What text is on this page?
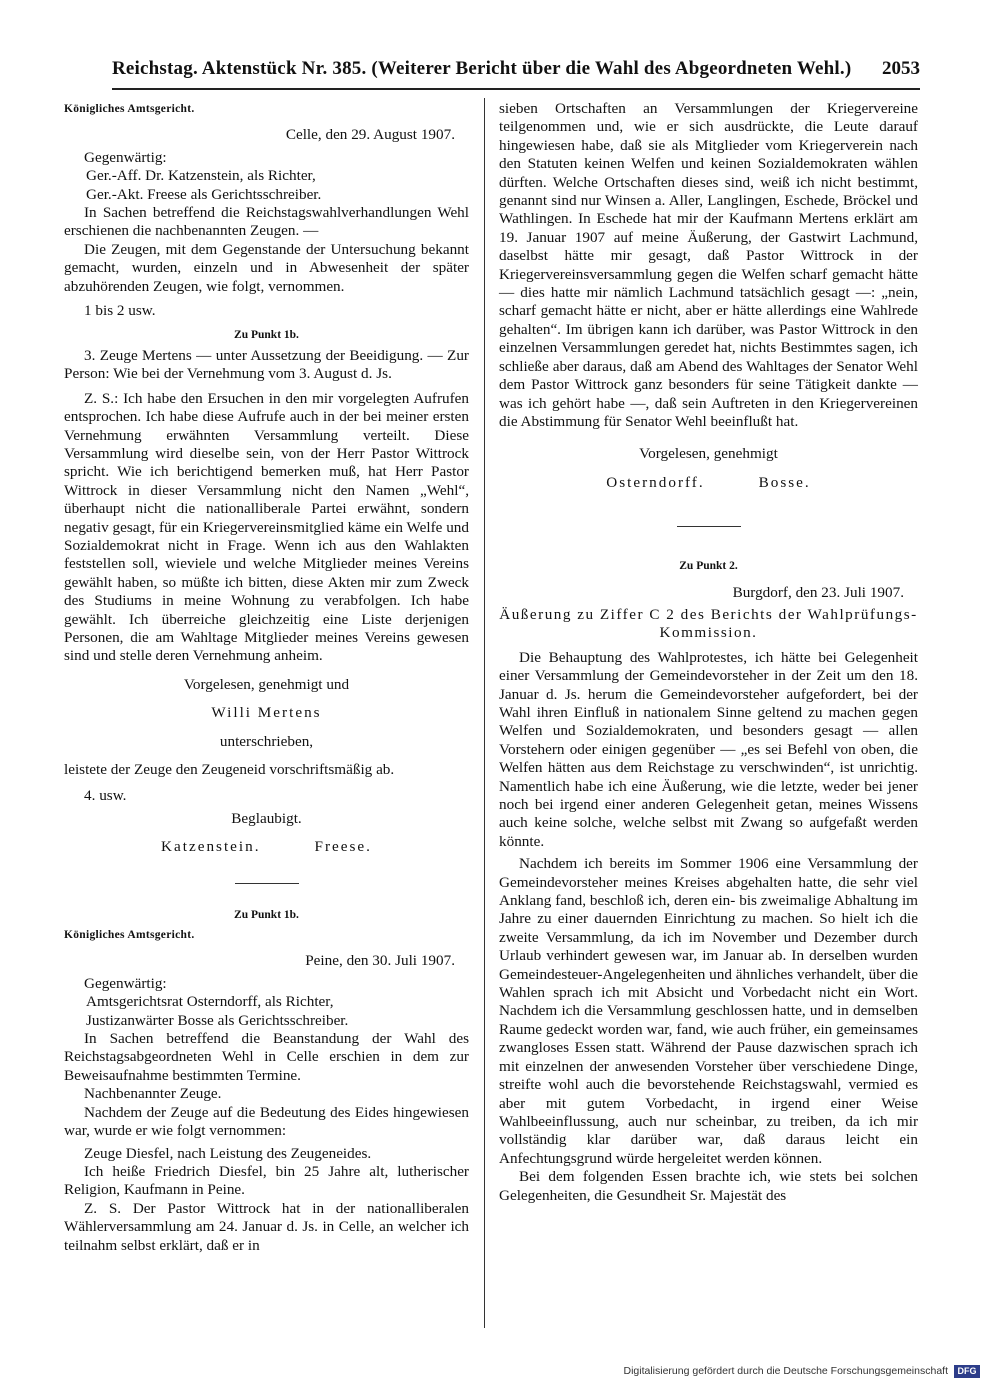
Reichstag. Aktenstück Nr. 385. (Weiterer Bericht über die Wahl des Abgeordneten Wehl.) 2053

Königliches Amtsgericht.

Celle, den 29. August 1907.

Gegenwärtig:

Ger.-Aff. Dr. Katzenstein, als Richter,

Ger.-Akt. Freese als Gerichtsschreiber.

In Sachen betreffend die Reichstagswahlverhandlungen Wehl erschienen die nachbenannten Zeugen. —

Die Zeugen, mit dem Gegenstande der Untersuchung bekannt gemacht, wurden, einzeln und in Abwesenheit der später abzuhörenden Zeugen, wie folgt, vernommen.

1 bis 2 usw.

Zu Punkt 1b.

3. Zeuge Mertens — unter Aussetzung der Beeidigung. — Zur Person: Wie bei der Vernehmung vom 3. August d. Js.

Z. S.: Ich habe den Ersuchen in den mir vorgelegten Aufrufen entsprochen. Ich habe diese Aufrufe auch in der bei meiner ersten Vernehmung erwähnten Versammlung verteilt. Diese Versammlung wird dieselbe sein, von der Herr Pastor Wittrock spricht. Wie ich berichtigend bemerken muß, hat Herr Pastor Wittrock in dieser Versammlung nicht den Namen „Wehl“, überhaupt nicht die nationalliberale Partei erwähnt, sondern negativ gesagt, für ein Kriegervereinsmitglied käme ein Welfe und Sozialdemokrat nicht in Frage. Wenn ich aus den Wahlakten feststellen soll, wieviele und welche Mitglieder meines Vereins gewählt haben, so müßte ich bitten, diese Akten mir zum Zweck des Studiums in meine Wohnung zu verabfolgen. Ich habe gewählt. Ich überreiche gleichzeitig eine Liste derjenigen Personen, die am Wahltage Mitglieder meines Vereins gewesen sind und stelle deren Vernehmung anheim.

Vorgelesen, genehmigt und

Willi Mertens

unterschrieben,

leistete der Zeuge den Zeugeneid vorschriftsmäßig ab.

4. usw.

Beglaubigt.

Katzenstein.	Freese.

Zu Punkt 1b.

Königliches Amtsgericht.

Peine, den 30. Juli 1907.

Gegenwärtig:

Amtsgerichtsrat Osterndorff, als Richter,

Justizanwärter Bosse als Gerichtsschreiber.

In Sachen betreffend die Beanstandung der Wahl des Reichstagsabgeordneten Wehl in Celle erschien in dem zur Beweisaufnahme bestimmten Termine.

Nachbenannter Zeuge.

Nachdem der Zeuge auf die Bedeutung des Eides hingewiesen war, wurde er wie folgt vernommen:

Zeuge Diesfel, nach Leistung des Zeugeneides.

Ich heiße Friedrich Diesfel, bin 25 Jahre alt, lutherischer Religion, Kaufmann in Peine.

Z. S. Der Pastor Wittrock hat in der nationalliberalen Wählerversammlung am 24. Januar d. Js. in Celle, an welcher ich teilnahm selbst erklärt, daß er in

sieben Ortschaften an Versammlungen der Kriegervereine teilgenommen und, wie er sich ausdrückte, die Leute darauf hingewiesen habe, daß sie als Mitglieder vom Kriegerverein nach den Statuten keinen Welfen und keinen Sozialdemokraten wählen dürften. Welche Ortschaften dieses sind, weiß ich nicht bestimmt, genannt sind nur Winsen a. Aller, Langlingen, Eschede, Bröckel und Wathlingen. In Eschede hat mir der Kaufmann Mertens erklärt am 19. Januar 1907 auf meine Äußerung, der Gastwirt Lachmund, daselbst hätte mir gesagt, daß Pastor Wittrock in der Kriegervereinsversammlung gegen die Welfen scharf gemacht hätte — dies hatte mir nämlich Lachmund tatsächlich gesagt —: „nein, scharf gemacht hätte er nicht, aber er hätte allerdings eine Wahlrede gehalten“. Im übrigen kann ich darüber, was Pastor Wittrock in den einzelnen Versammlungen geredet hat, nichts Bestimmtes sagen, ich schließe aber daraus, daß am Abend des Wahltages der Senator Wehl dem Pastor Wittrock ganz besonders für seine Tätigkeit dankte — was ich gehört habe —, daß sein Auftreten in den Kriegervereinen die Abstimmung für Senator Wehl beeinflußt hat.

Vorgelesen, genehmigt

Osterndorff.	Bosse.

Zu Punkt 2.

Burgdorf, den 23. Juli 1907.

Äußerung zu Ziffer C 2 des Berichts der Wahlprüfungs-Kommission.

Die Behauptung des Wahlprotestes, ich hätte bei Gelegenheit einer Versammlung der Gemeindevorsteher in der Zeit um den 18. Januar d. Js. herum die Gemeindevorsteher aufgefordert, bei der Wahl ihren Einfluß in nationalem Sinne geltend zu machen gegen Welfen und Sozialdemokraten, und besonders gesagt — allen Vorstehern oder einigen gegenüber — „es sei Befehl von oben, die Welfen hätten aus dem Reichstage zu verschwinden“, ist unrichtig. Namentlich habe ich eine Äußerung, wie die letzte, weder bei jener noch bei irgend einer anderen Gelegenheit getan, meines Wissens auch keine solche, welche selbst mit Zwang so aufgefaßt werden könnte.

Nachdem ich bereits im Sommer 1906 eine Versammlung der Gemeindevorsteher meines Kreises abgehalten hatte, die sehr viel Anklang fand, beschloß ich, deren ein- bis zweimalige Abhaltung im Jahre zu einer dauernden Einrichtung zu machen. So hielt ich die zweite Versammlung, da ich im November und Dezember durch Urlaub verhindert gewesen war, im Januar ab. In derselben wurden Gemeindesteuer-Angelegenheiten und ähnliches verhandelt, über die Wahlen sprach ich mit Absicht und Vorbedacht nicht ein Wort. Nachdem ich die Versammlung geschlossen hatte, und in demselben Raume gedeckt worden war, fand, wie auch früher, ein gemeinsames zwangloses Essen statt. Während der Pause dazwischen sprach ich mit einzelnen der anwesenden Vorsteher über verschiedene Dinge, streifte wohl auch die bevorstehende Reichstagswahl, vermied es aber mit gutem Vorbedacht, in irgend einer Weise Wahlbeeinflussung, auch nur scheinbar, zu treiben, da ich mir vollständig klar darüber war, daß daraus leicht ein Anfechtungsgrund würde hergeleitet werden können.

Bei dem folgenden Essen brachte ich, wie stets bei solchen Gelegenheiten, die Gesundheit Sr. Majestät des

Digitalisierung gefördert durch die Deutsche Forschungsgemeinschaft	DFG
